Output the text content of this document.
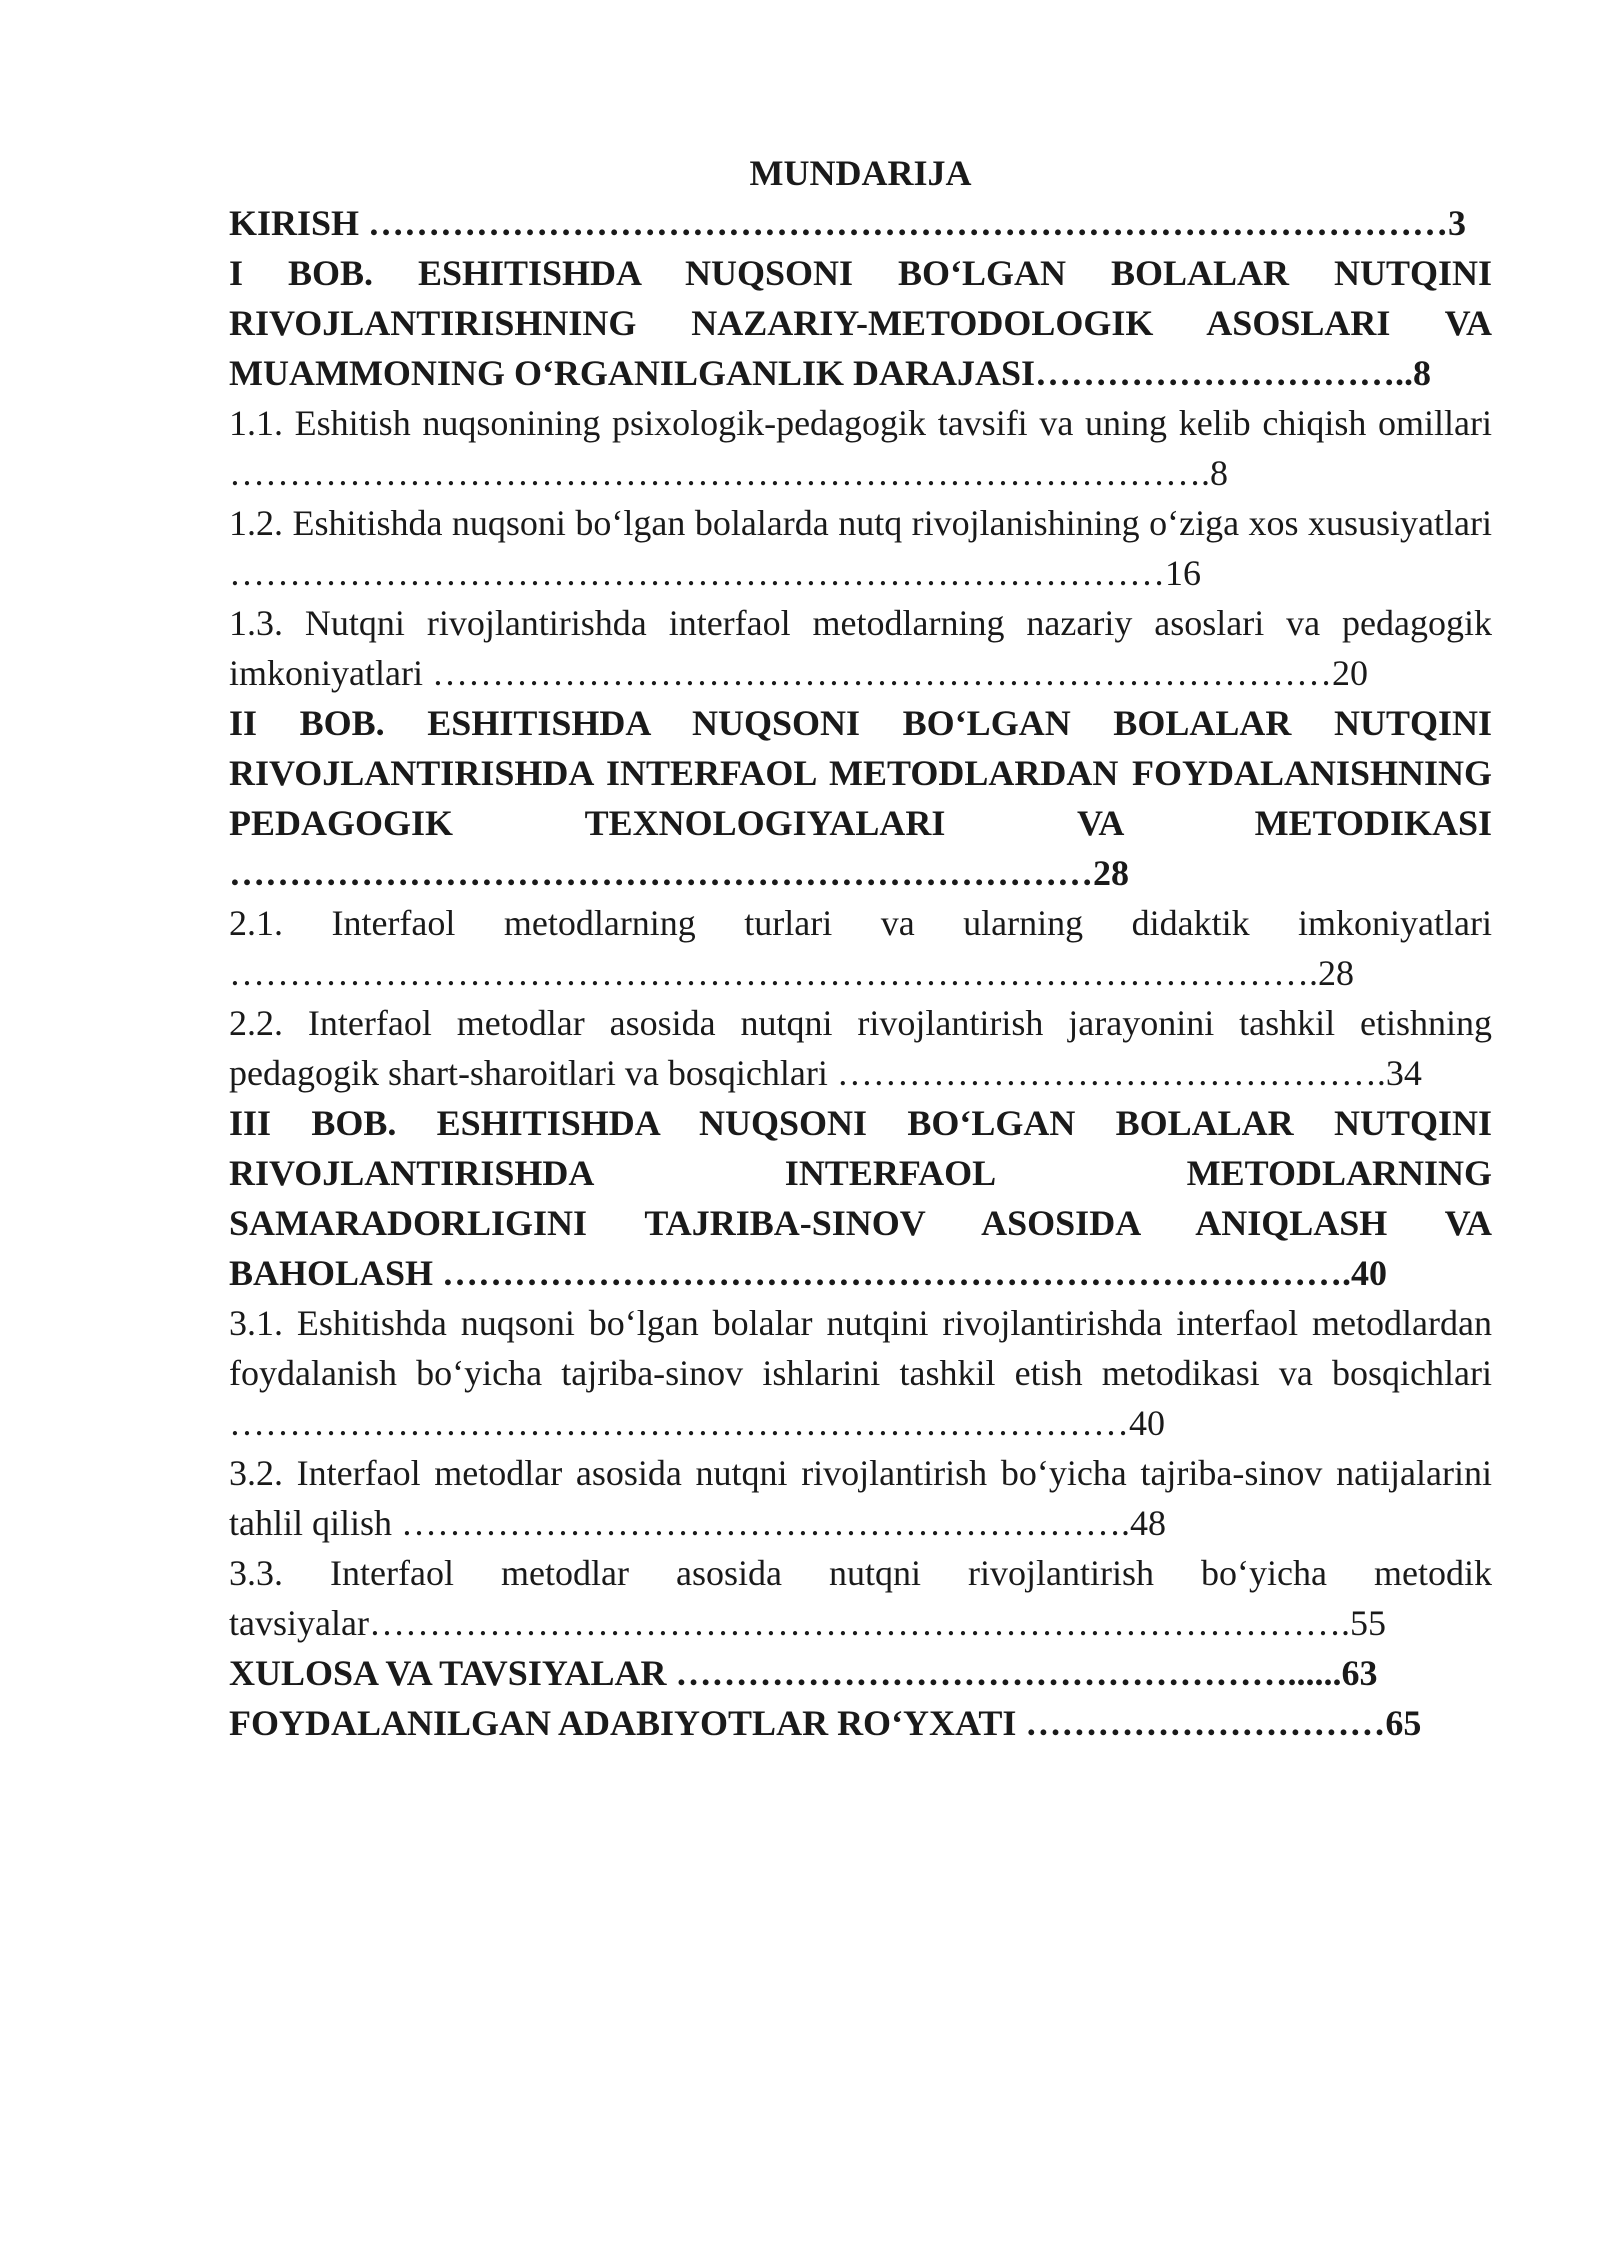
MUNDARIJA

KIRISH ………………………………………………………………………………3

I BOB. ESHITISHDA NUQSONI BOʻLGAN BOLALAR NUTQINI RIVOJLANTIRISHNING NAZARIY-METODOLOGIK ASOSLARI VA MUAMMONING OʻRGANILGANLIK DARAJASI…………………………..8

1.1. Eshitish nuqsonining psixologik-pedagogik tavsifi va uning kelib chiqish omillari ……………………………………………………………………….8

1.2. Eshitishda nuqsoni boʻlgan bolalarda nutq rivojlanishining oʻziga xos xususiyatlari ……………………………………………………………………16

1.3. Nutqni rivojlantirishda interfaol metodlarning nazariy asoslari va pedagogik imkoniyatlari …………………………………………………………………20

II BOB. ESHITISHDA NUQSONI BOʻLGAN BOLALAR NUTQINI RIVOJLANTIRISHDA INTERFAOL METODLARDAN FOYDALANISHNING PEDAGOGIK TEXNOLOGIYALARI VA METODIKASI ………………………………………………………………28

2.1. Interfaol metodlarning turlari va ularning didaktik imkoniyatlari ……………………………………………………………………………….28

2.2. Interfaol metodlar asosida nutqni rivojlantirish jarayonini tashkil etishning pedagogik shart-sharoitlari va bosqichlari ……………………………………….34

III BOB. ESHITISHDA NUQSONI BOʻLGAN BOLALAR NUTQINI RIVOJLANTIRISHDA INTERFAOL METODLARNING SAMARADORLIGINI TAJRIBA-SINOV ASOSIDA ANIQLASH VA BAHOLASH ………………………………………………………………….40

3.1. Eshitishda nuqsoni boʻlgan bolalar nutqini rivojlantirishda interfaol metodlardan foydalanish boʻyicha tajriba-sinov ishlarini tashkil etish metodikasi va bosqichlari …………………………………………………………………40

3.2. Interfaol metodlar asosida nutqni rivojlantirish boʻyicha tajriba-sinov natijalarini tahlil qilish …………………………………………………….48

3.3. Interfaol metodlar asosida nutqni rivojlantirish boʻyicha metodik tavsiyalar……………………………………………………………………….55

XULOSA VA TAVSIYALAR ……………………………………………......63

FOYDALANILGAN ADABIYOTLAR ROʻYXATI …………………………65
